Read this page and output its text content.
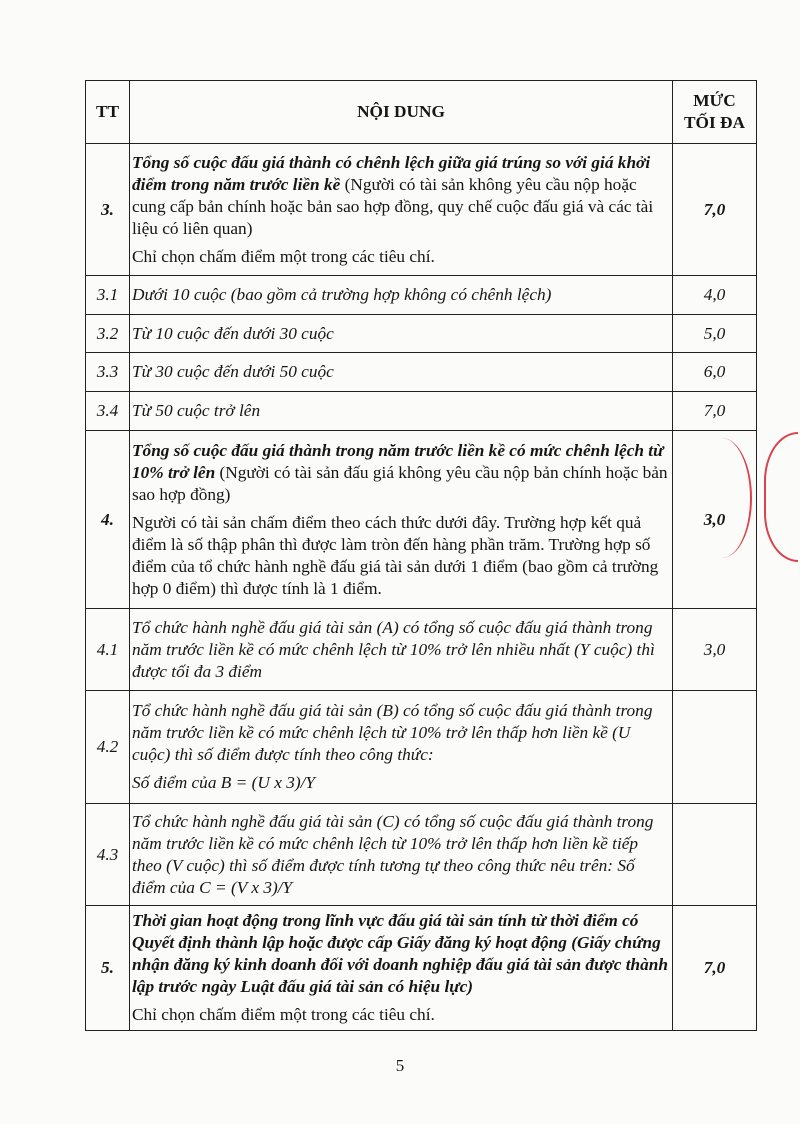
TT	NỘI DUNG	MỨC
TỐI ĐA

3.	Tổng số cuộc đấu giá thành có chênh lệch giữa giá trúng so với giá khởi điểm trong năm trước liền kề (Người có tài sản không yêu cầu nộp hoặc cung cấp bản chính hoặc bản sao hợp đồng, quy chế cuộc đấu giá và các tài liệu có liên quan)

Chỉ chọn chấm điểm một trong các tiêu chí.	7,0
3.1	Dưới 10 cuộc (bao gồm cả trường hợp không có chênh lệch)	4,0
3.2	Từ 10 cuộc đến dưới 30 cuộc	5,0
3.3	Từ 30 cuộc đến dưới 50 cuộc	6,0
3.4	Từ 50 cuộc trở lên	7,0
4.	Tổng số cuộc đấu giá thành trong năm trước liền kề có mức chênh lệch từ 10% trở lên (Người có tài sản đấu giá không yêu cầu nộp bản chính hoặc bản sao hợp đồng)

Người có tài sản chấm điểm theo cách thức dưới đây. Trường hợp kết quả điểm là số thập phân thì được làm tròn đến hàng phần trăm. Trường hợp số điểm của tổ chức hành nghề đấu giá tài sản dưới 1 điểm (bao gồm cả trường hợp 0 điểm) thì được tính là 1 điểm.	3,0
4.1	Tổ chức hành nghề đấu giá tài sản (A) có tổng số cuộc đấu giá thành trong năm trước liền kề có mức chênh lệch từ 10% trở lên nhiều nhất (Y cuộc) thì được tối đa 3 điểm	3,0
4.2	Tổ chức hành nghề đấu giá tài sản (B) có tổng số cuộc đấu giá thành trong năm trước liền kề có mức chênh lệch từ 10% trở lên thấp hơn liền kề (U cuộc) thì số điểm được tính theo công thức:

Số điểm của B = (U x 3)/Y	

4.3	Tổ chức hành nghề đấu giá tài sản (C) có tổng số cuộc đấu giá thành trong năm trước liền kề có mức chênh lệch từ 10% trở lên thấp hơn liền kề tiếp theo (V cuộc) thì số điểm được tính tương tự theo công thức nêu trên: Số điểm của C = (V x 3)/Y	
5.	Thời gian hoạt động trong lĩnh vực đấu giá tài sản tính từ thời điểm có Quyết định thành lập hoặc được cấp Giấy đăng ký hoạt động (Giấy chứng nhận đăng ký kinh doanh đối với doanh nghiệp đấu giá tài sản được thành lập trước ngày Luật đấu giá tài sản có hiệu lực)

Chỉ chọn chấm điểm một trong các tiêu chí.	7,0
5
